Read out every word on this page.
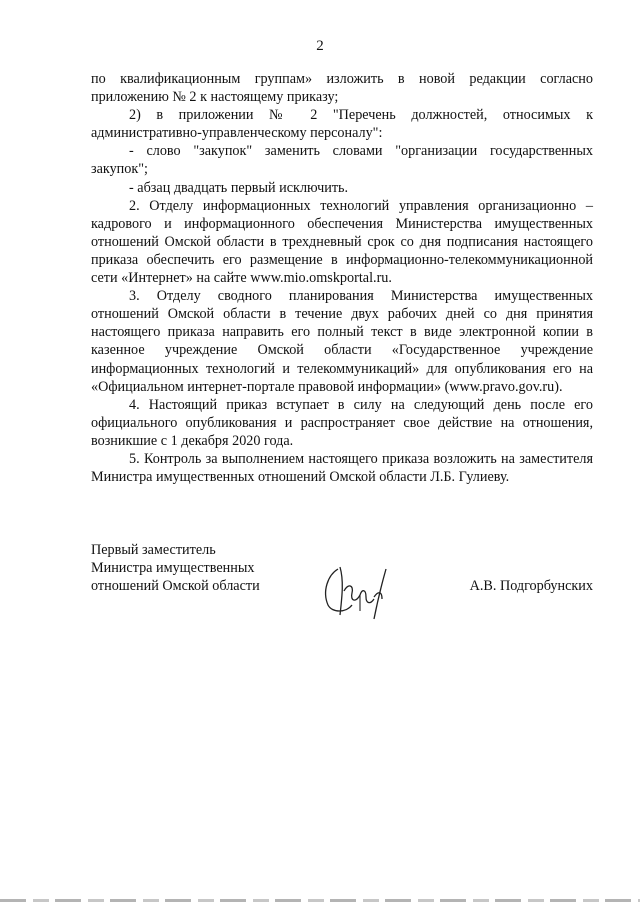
2

по квалификационным группам» изложить в новой редакции согласно приложению № 2 к настоящему приказу;

2) в приложении № 2 "Перечень должностей, относимых к административно-управленческому персоналу":

- слово "закупок" заменить словами "организации государственных закупок";

- абзац двадцать первый исключить.

2. Отделу информационных технологий управления организационно – кадрового и информационного обеспечения Министерства имущественных отношений Омской области в трехдневный срок со дня подписания настоящего приказа обеспечить его размещение в информационно-телекоммуникационной сети «Интернет» на сайте www.mio.omskportal.ru.

3. Отделу сводного планирования Министерства имущественных отношений Омской области в течение двух рабочих дней со дня принятия настоящего приказа направить его полный текст в виде электронной копии в казенное учреждение Омской области «Государственное учреждение информационных технологий и телекоммуникаций» для опубликования его на «Официальном интернет-портале правовой информации» (www.pravo.gov.ru).

4. Настоящий приказ вступает в силу на следующий день после его официального опубликования и распространяет свое действие на отношения, возникшие с 1 декабря 2020 года.

5. Контроль за выполнением настоящего приказа возложить на заместителя Министра имущественных отношений Омской области Л.Б. Гулиеву.

Первый заместитель
Министра имущественных
отношений Омской области	А.В. Подгорбунских
